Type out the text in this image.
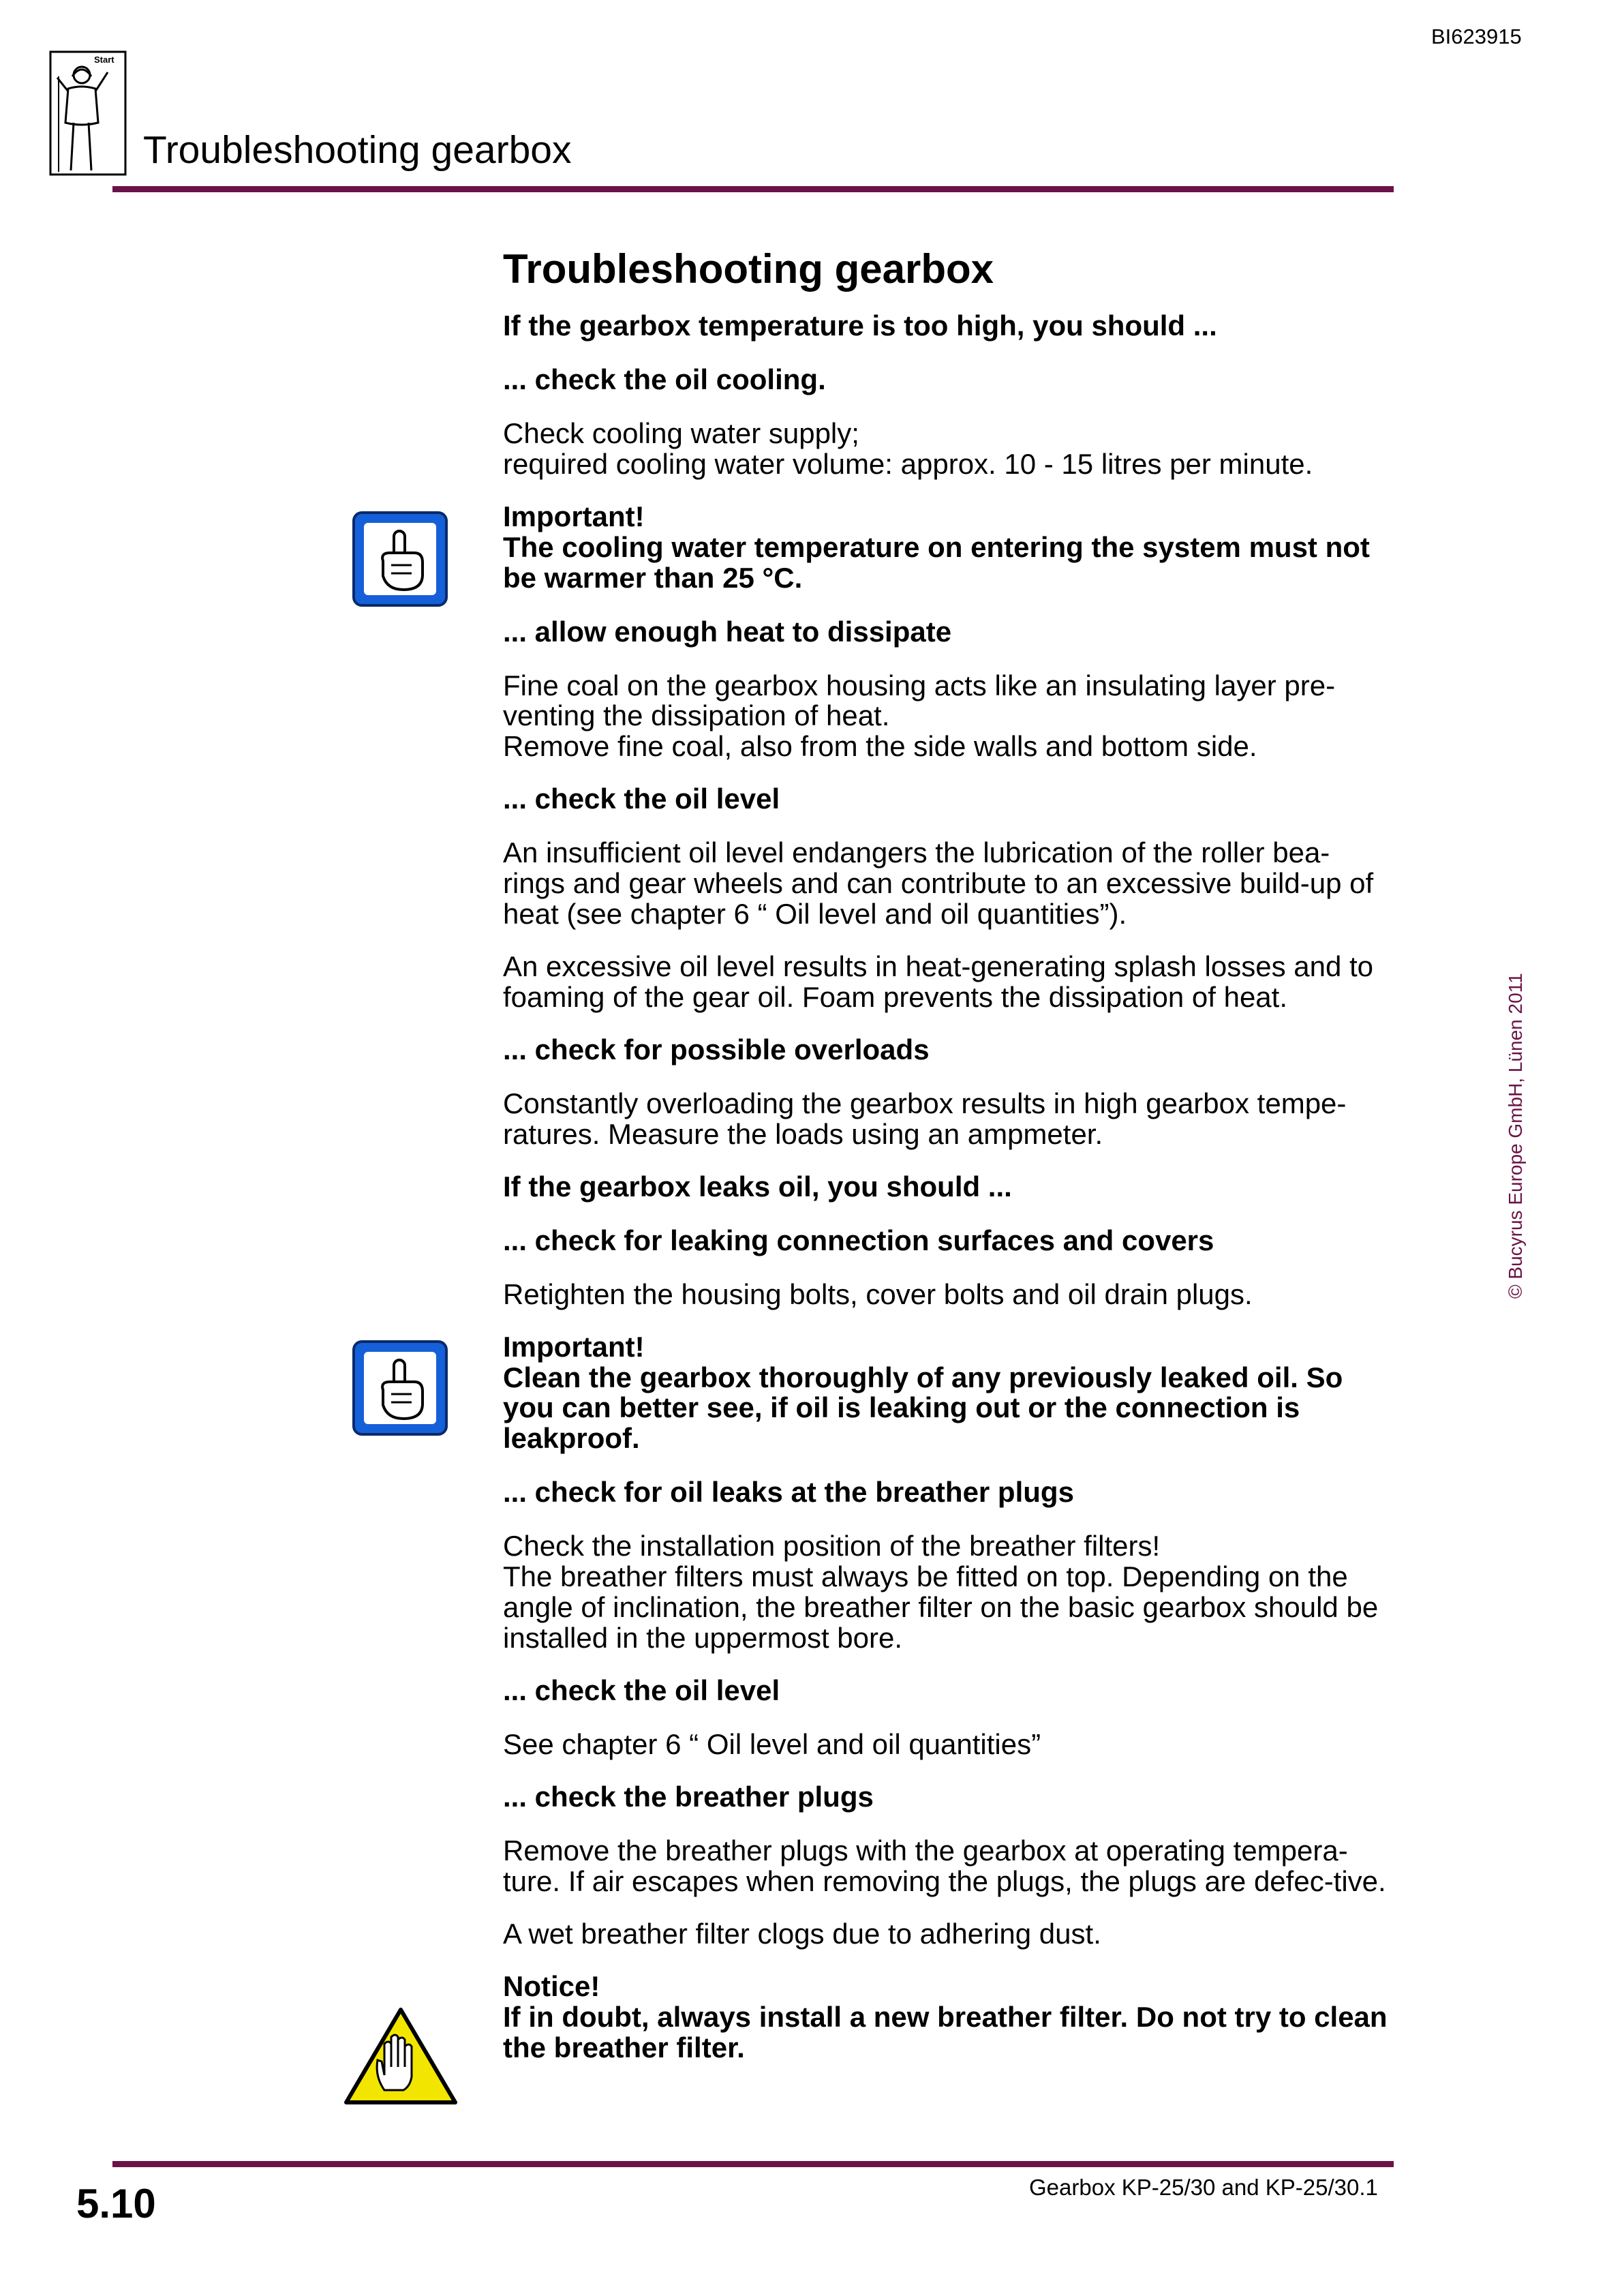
BI623915
Start
Troubleshooting gearbox
Troubleshooting gearbox
If the gearbox temperature is too high, you should ...
... check the oil cooling.
Check cooling water supply;
required cooling water volume: approx. 10 - 15 litres per minute.
Important!
The cooling water temperature on entering the system must not be warmer than 25 °C.
... allow enough heat to dissipate
Fine coal on the gearbox housing acts like an insulating layer pre-venting the dissipation of heat.
Remove fine coal, also from the side walls and bottom side.
... check the oil level
An insufficient oil level endangers the lubrication of the roller bea-rings and gear wheels and can contribute to an excessive build-up of heat (see chapter 6 “ Oil level and oil quantities”).
An excessive oil level results in heat-generating splash losses and to foaming of the gear oil. Foam prevents the dissipation of heat.
... check for possible overloads
Constantly overloading the gearbox results in high gearbox tempe-ratures. Measure the loads using an ampmeter.
If the gearbox leaks oil, you should ...
... check for leaking connection surfaces and covers
Retighten the housing bolts, cover bolts and oil drain plugs.
Important!
Clean the gearbox thoroughly of any previously leaked oil. So you can better see, if oil is leaking out or the connection is leakproof.
... check for oil leaks at the breather plugs
Check the installation position of the breather filters!
The breather filters must always be fitted on top. Depending on the angle of inclination, the breather filter on the basic gearbox should be installed in the uppermost bore.
... check the oil level
See chapter 6 “ Oil level and oil quantities”
... check the breather plugs
Remove the breather plugs with the gearbox at operating tempera-ture. If air escapes when removing the plugs, the plugs are defec-tive.
A wet breather filter clogs due to adhering dust.
Notice!
If in doubt, always install a new breather filter. Do not try to clean the breather filter.
© Bucyrus Europe GmbH, Lünen 2011
5.10	Gearbox KP-25/30 and KP-25/30.1
